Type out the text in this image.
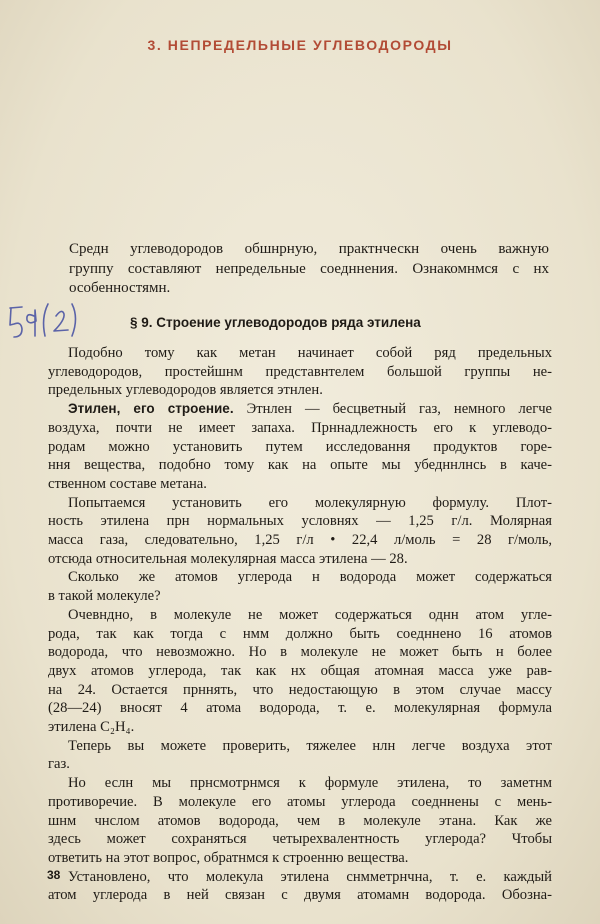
3. НЕПРЕДЕЛЬНЫЕ УГЛЕВОДОРОДЫ
Средн углеводородов обшнрную, практнческн очень важную
группу составляют непредельные соедннения. Ознакомнмся с нх
особенностямн.
§ 9. Строение углеводородов ряда этилена
Подобно тому как метан начинает собой ряд предельных
углеводородов, простейшнм представнтелем большой группы не-
предельных углеводородов является этнлен.
Этилен, его строение. Этнлен — бесцветный газ, немного легче
воздуха, почти не имеет запаха. Прннадлежность его к углеводо-
родам можно установить путем исследовання продуктов горе-
ння вещества, подобно тому как на опыте мы убедннлнсь в каче-
ственном составе метана.
Попытаемся установить его молекулярную формулу. Плот-
ность этилена прн нормальных условнях — 1,25 г/л. Молярная
масса газа, следовательно, 1,25 г/л • 22,4 л/моль = 28 г/моль,
отсюда относительная молекулярная масса этилена — 28.
Сколько же атомов углерода н водорода может содержаться
в такой молекуле?
Очевндно, в молекуле не может содержаться однн атом угле-
рода, так как тогда с нмм должно быть соедннено 16 атомов
водорода, что невозможно. Но в молекуле не может быть н более
двух атомов углерода, так как нх общая атомная масса уже рав-
на 24. Остается прннять, что недостающую в этом случае массу
(28—24) вносят 4 атома водорода, т. е. молекулярная формула
этилена C₂H₄.
Теперь вы можете проверить, тяжелее нлн легче воздуха этот
газ.
Но еслн мы прнсмотрнмся к формуле этилена, то заметнм
противоречие. В молекуле его атомы углерода соедннены с мень-
шнм чнслом атомов водорода, чем в молекуле этана. Как же
здесь может сохраняться четырехвалентность углерода? Чтобы
ответить на этот вопрос, обратнмся к строенню вещества.
Установлено, что молекула этилена снмметрнчна, т. е. каждый
атом углерода в ней связан с двумя атомамн водорода. Обозна-
38
